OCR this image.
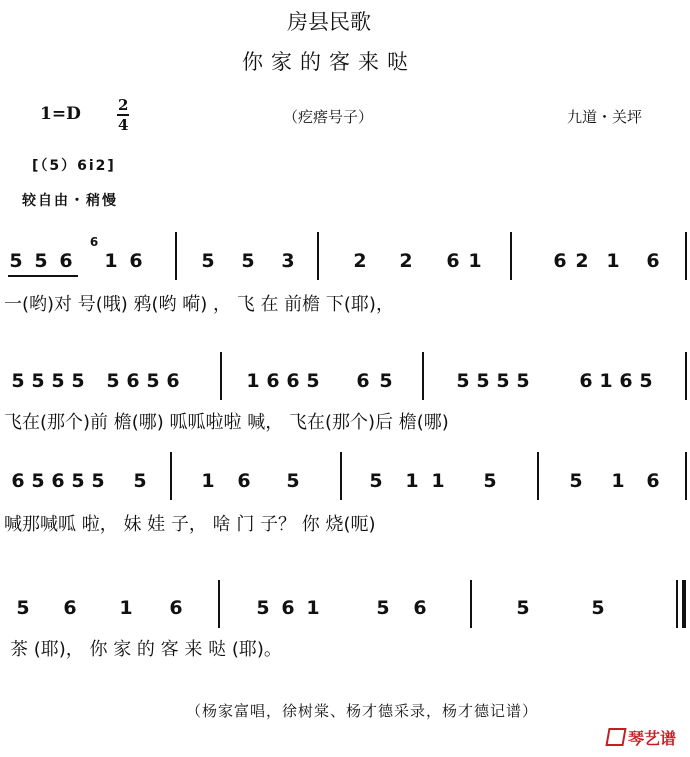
房县民歌
你家的客来哒
1=D 2
4	（疙瘩号子）	九道・关坪
[（5）6i2]
较自由・稍慢
5 5 6 1 6
6
5 5 3	2 2 6 1	6 2 1 6
一(哟)对 号(哦) 鸦(哟 嗬) ， 飞 在 前檐 下(耶)，
5 5 5 5 5 6 5 6	1 6 6 5 6 5	5 5 5 5	6 1 6 5
飞在(那个)前 檐(哪) 呱呱啦啦 喊， 飞在(那个)后 檐(哪)
6 5 6 5 5 5	1 6 5	5 1 1 5	5 1 6
喊那喊呱 啦， 妹 娃 子， 啥 门 子？ 你 烧(呃)
5 6 1 6	5 6 1	5 6	5	5
茶 (耶)， 你 家 的 客 来 哒 (耶)。
（杨家富唱，徐树棠、杨才德采录，杨才德记谱）
琴艺谱
